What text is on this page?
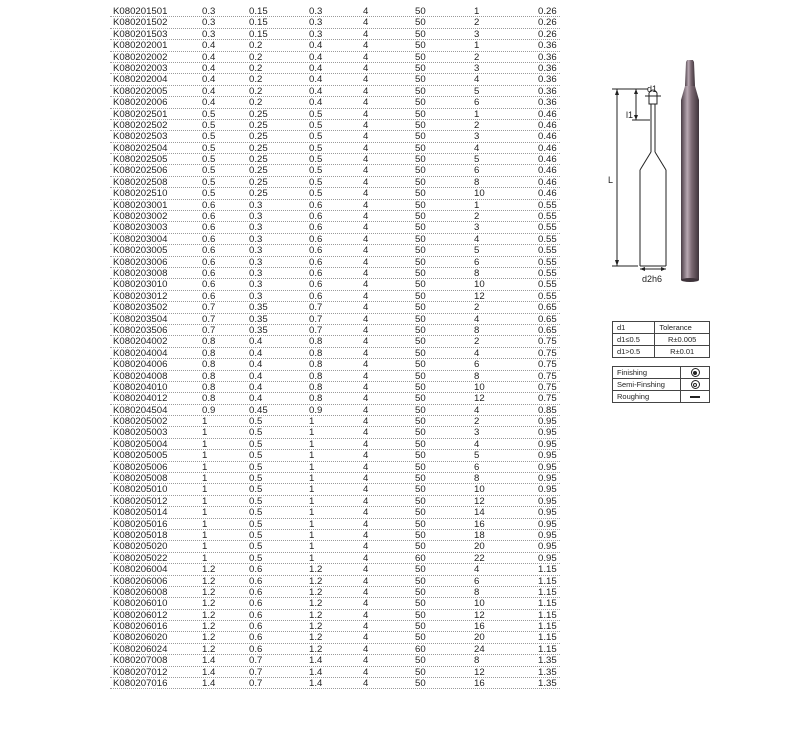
K080201501	0.3	0.15	0.3	4	50	1	0.26
K080201502	0.3	0.15	0.3	4	50	2	0.26
K080201503	0.3	0.15	0.3	4	50	3	0.26
K080202001	0.4	0.2	0.4	4	50	1	0.36
K080202002	0.4	0.2	0.4	4	50	2	0.36
K080202003	0.4	0.2	0.4	4	50	3	0.36
K080202004	0.4	0.2	0.4	4	50	4	0.36
K080202005	0.4	0.2	0.4	4	50	5	0.36
K080202006	0.4	0.2	0.4	4	50	6	0.36
K080202501	0.5	0.25	0.5	4	50	1	0.46
K080202502	0.5	0.25	0.5	4	50	2	0.46
K080202503	0.5	0.25	0.5	4	50	3	0.46
K080202504	0.5	0.25	0.5	4	50	4	0.46
K080202505	0.5	0.25	0.5	4	50	5	0.46
K080202506	0.5	0.25	0.5	4	50	6	0.46
K080202508	0.5	0.25	0.5	4	50	8	0.46
K080202510	0.5	0.25	0.5	4	50	10	0.46
K080203001	0.6	0.3	0.6	4	50	1	0.55
K080203002	0.6	0.3	0.6	4	50	2	0.55
K080203003	0.6	0.3	0.6	4	50	3	0.55
K080203004	0.6	0.3	0.6	4	50	4	0.55
K080203005	0.6	0.3	0.6	4	50	5	0.55
K080203006	0.6	0.3	0.6	4	50	6	0.55
K080203008	0.6	0.3	0.6	4	50	8	0.55
K080203010	0.6	0.3	0.6	4	50	10	0.55
K080203012	0.6	0.3	0.6	4	50	12	0.55
K080203502	0.7	0.35	0.7	4	50	2	0.65
K080203504	0.7	0.35	0.7	4	50	4	0.65
K080203506	0.7	0.35	0.7	4	50	8	0.65
K080204002	0.8	0.4	0.8	4	50	2	0.75
K080204004	0.8	0.4	0.8	4	50	4	0.75
K080204006	0.8	0.4	0.8	4	50	6	0.75
K080204008	0.8	0.4	0.8	4	50	8	0.75
K080204010	0.8	0.4	0.8	4	50	10	0.75
K080204012	0.8	0.4	0.8	4	50	12	0.75
K080204504	0.9	0.45	0.9	4	50	4	0.85
K080205002	1	0.5	1	4	50	2	0.95
K080205003	1	0.5	1	4	50	3	0.95
K080205004	1	0.5	1	4	50	4	0.95
K080205005	1	0.5	1	4	50	5	0.95
K080205006	1	0.5	1	4	50	6	0.95
K080205008	1	0.5	1	4	50	8	0.95
K080205010	1	0.5	1	4	50	10	0.95
K080205012	1	0.5	1	4	50	12	0.95
K080205014	1	0.5	1	4	50	14	0.95
K080205016	1	0.5	1	4	50	16	0.95
K080205018	1	0.5	1	4	50	18	0.95
K080205020	1	0.5	1	4	50	20	0.95
K080205022	1	0.5	1	4	60	22	0.95
K080206004	1.2	0.6	1.2	4	50	4	1.15
K080206006	1.2	0.6	1.2	4	50	6	1.15
K080206008	1.2	0.6	1.2	4	50	8	1.15
K080206010	1.2	0.6	1.2	4	50	10	1.15
K080206012	1.2	0.6	1.2	4	50	12	1.15
K080206016	1.2	0.6	1.2	4	50	16	1.15
K080206020	1.2	0.6	1.2	4	50	20	1.15
K080206024	1.2	0.6	1.2	4	60	24	1.15
K080207008	1.4	0.7	1.4	4	50	8	1.35
K080207012	1.4	0.7	1.4	4	50	12	1.35
K080207016	1.4	0.7	1.4	4	50	16	1.35
d1
l1
L
d2h6
d1	Tolerance
d1≤0.5	R±0.005
d1>0.5	R±0.01
Finishing	
Semi-Finshing	
Roughing	
